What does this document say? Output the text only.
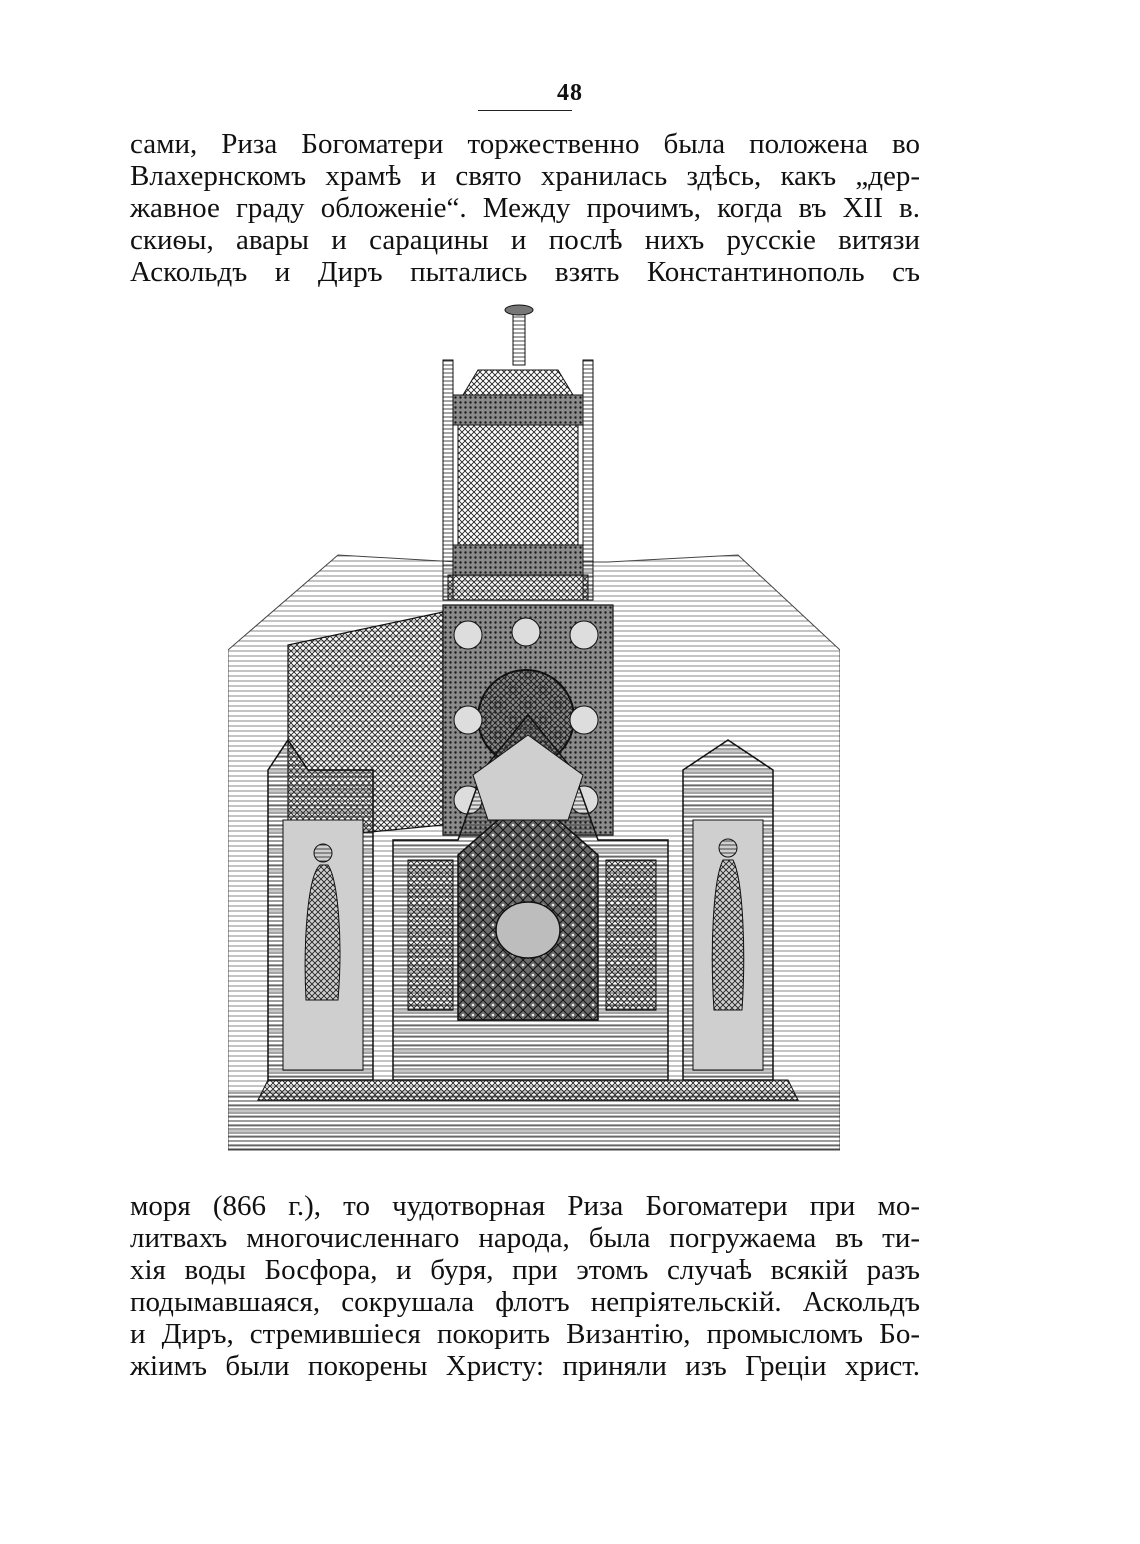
48
сами, Риза Богоматери торжественно была положена во
Влахернскомъ храмѣ и свято хранилась здѣсь, какъ „дер-
жавное граду обложеніе“. Между прочимъ, когда въ XII в.
скиѳы, авары и сарацины и послѣ нихъ русскіе витязи
Аскольдъ и Диръ пытались взять Константинополь съ
моря (866 г.), то чудотворная Риза Богоматери при мо-
литвахъ многочисленнаго народа, была погружаема въ ти-
хія воды Босфора, и буря, при этомъ случаѣ всякій разъ
подымавшаяся, сокрушала флотъ непріятельскій. Аскольдъ
и Диръ, стремившіеся покорить Византію, промысломъ Бо-
жіимъ были покорены Христу: приняли изъ Греціи христ.
